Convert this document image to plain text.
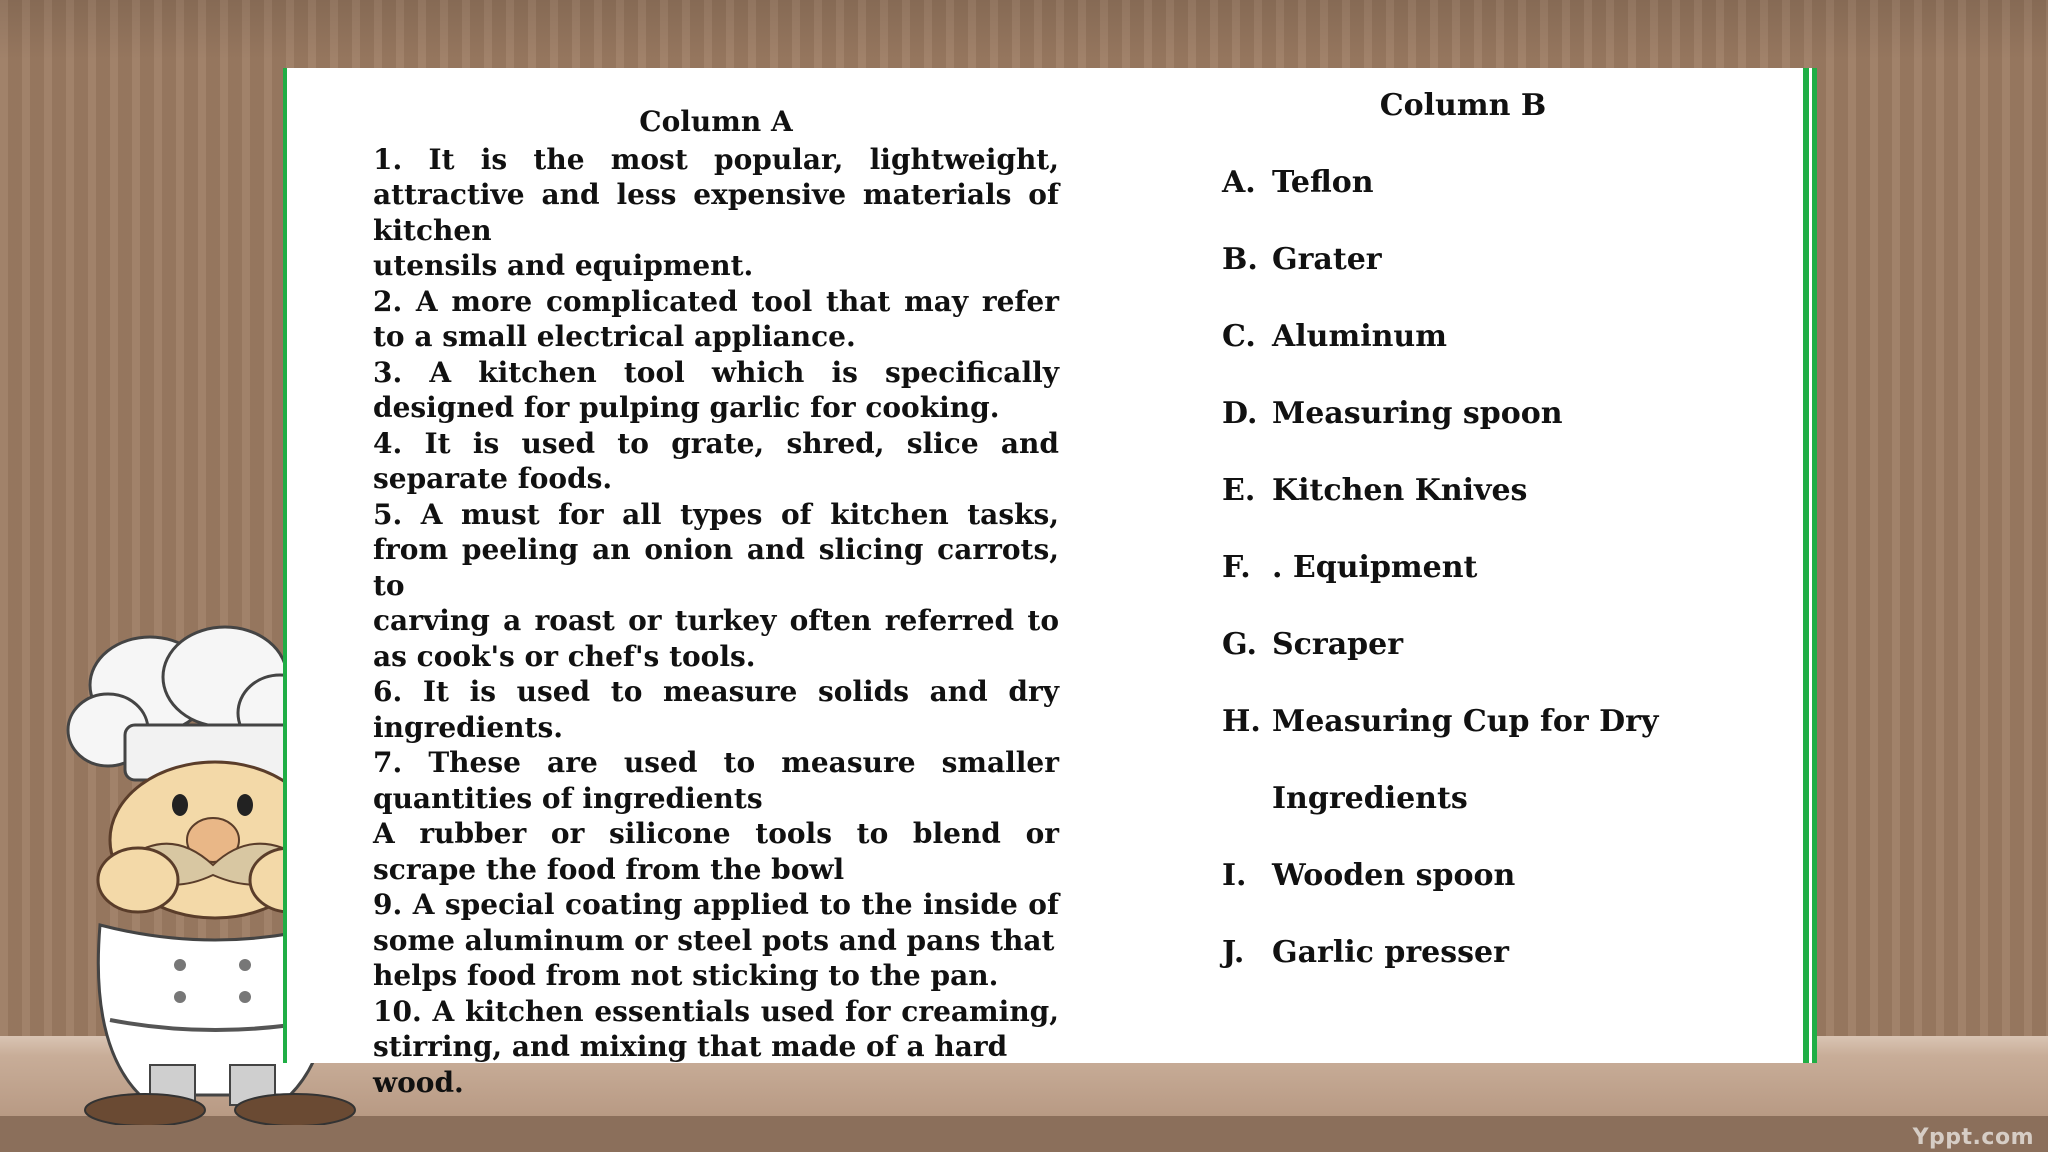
Column A

1. It is the most popular, lightweight, attractive and less expensive materials of kitchen

utensils and equipment.

2. A more complicated tool that may refer to a small electrical appliance.

3. A kitchen tool which is specifically designed for pulping garlic for cooking.

4. It is used to grate, shred, slice and separate foods.

5. A must for all types of kitchen tasks, from peeling an onion and slicing carrots, to

carving a roast or turkey often referred to as cook's or chef's tools.

6. It is used to measure solids and dry ingredients.

7. These are used to measure smaller quantities of ingredients

A rubber or silicone tools to blend or scrape the food from the bowl

9. A special coating applied to the inside of some aluminum or steel pots and pans that

helps food from not sticking to the pan.

10. A kitchen essentials used for creaming, stirring, and mixing that made of a hard

wood.

Column B
A. Teflon
B. Grater
C. Aluminum
D. Measuring spoon
E. Kitchen Knives
F. . Equipment
G. Scraper
H. Measuring Cup for Dry
Ingredients
I. Wooden spoon
J. Garlic presser
Yppt.com
